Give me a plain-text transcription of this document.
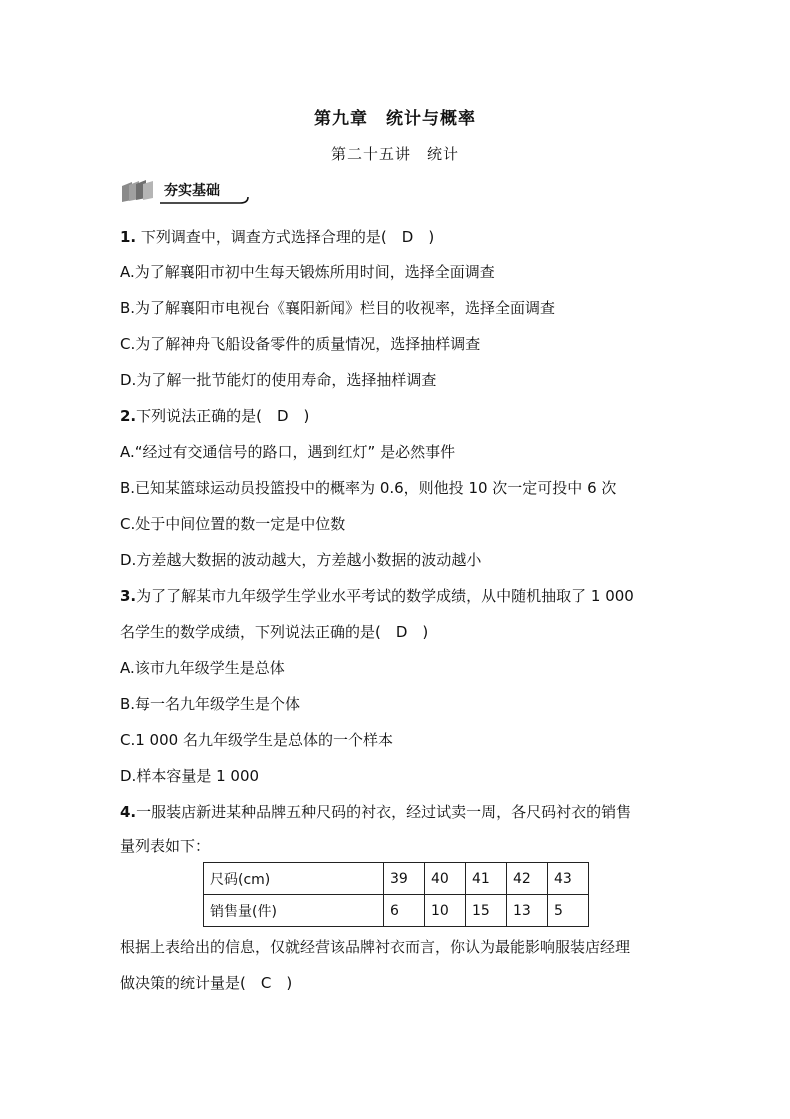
第九章　统计与概率
第二十五讲　统计
夯实基础
1. 下列调查中，调查方式选择合理的是(　D　)
A.为了解襄阳市初中生每天锻炼所用时间，选择全面调查
B.为了解襄阳市电视台《襄阳新闻》栏目的收视率，选择全面调查
C.为了解神舟飞船设备零件的质量情况，选择抽样调查
D.为了解一批节能灯的使用寿命，选择抽样调查
2.下列说法正确的是(　D　)
A.“经过有交通信号的路口，遇到红灯” 是必然事件
B.已知某篮球运动员投篮投中的概率为 0.6，则他投 10 次一定可投中 6 次
C.处于中间位置的数一定是中位数
D.方差越大数据的波动越大，方差越小数据的波动越小
3.为了了解某市九年级学生学业水平考试的数学成绩，从中随机抽取了 1 000
名学生的数学成绩，下列说法正确的是(　D　)
A.该市九年级学生是总体
B.每一名九年级学生是个体
C.1 000 名九年级学生是总体的一个样本
D.样本容量是 1 000
4.一服装店新进某种品牌五种尺码的衬衣，经过试卖一周，各尺码衬衣的销售
量列表如下：
尺码(cm)	39	40	41	42	43
销售量(件)	6	10	15	13	5
根据上表给出的信息，仅就经营该品牌衬衣而言，你认为最能影响服装店经理
做决策的统计量是(　C　)
